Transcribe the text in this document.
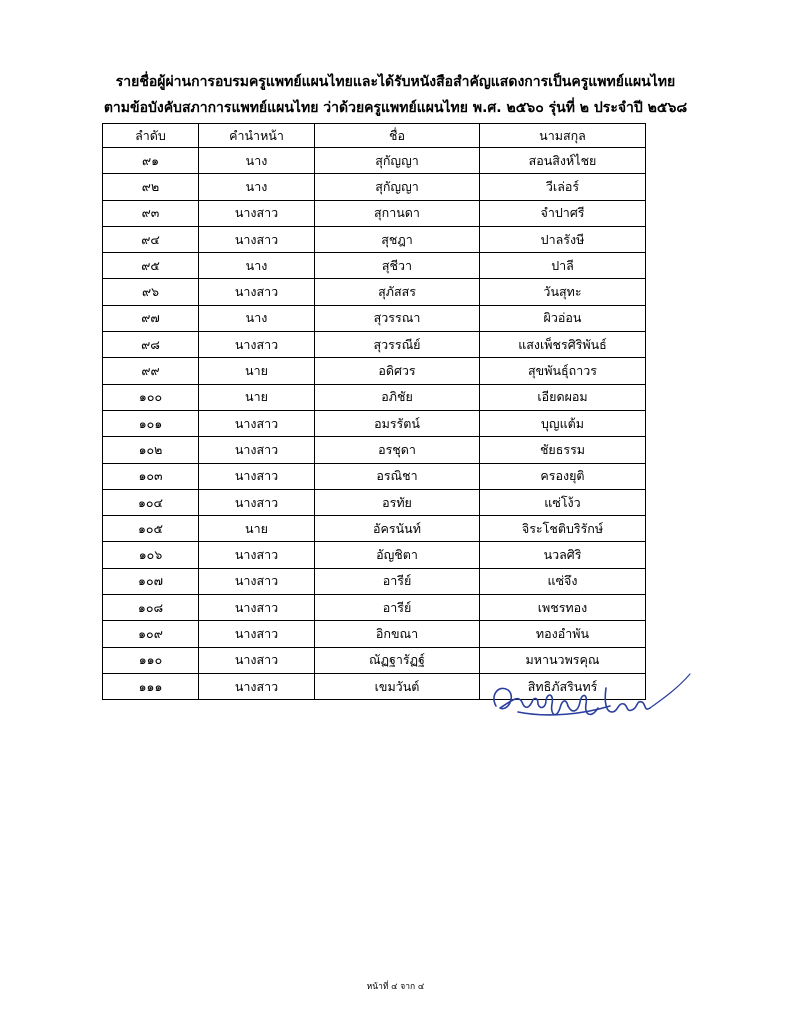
รายชื่อผู้ผ่านการอบรมครูแพทย์แผนไทยและได้รับหนังสือสำคัญแสดงการเป็นครูแพทย์แผนไทย
ตามข้อบังคับสภาการแพทย์แผนไทย ว่าด้วยครูแพทย์แผนไทย พ.ศ. ๒๕๖๐ รุ่นที่ ๒ ประจำปี ๒๕๖๘
ลำดับ	คำนำหน้า	ชื่อ	นามสกุล
๙๑	นาง	สุกัญญา	สอนสิงห์ไชย
๙๒	นาง	สุกัญญา	วีเล่อร์
๙๓	นางสาว	สุกานดา	จำปาศรี
๙๔	นางสาว	สุชฎา	ปาลรังษี
๙๕	นาง	สุชีวา	ปาลี
๙๖	นางสาว	สุภัสสร	วันสุทะ
๙๗	นาง	สุวรรณา	ผิวอ่อน
๙๘	นางสาว	สุวรรณีย์	แสงเพ็ชรศิริพันธ์
๙๙	นาย	อดิศวร	สุขพันธุ์ถาวร
๑๐๐	นาย	อภิชัย	เอียดผอม
๑๐๑	นางสาว	อมรรัตน์	บุญแต้ม
๑๐๒	นางสาว	อรชุดา	ชัยธรรม
๑๐๓	นางสาว	อรณิชา	ครองยุติ
๑๐๔	นางสาว	อรทัย	แซ่โง้ว
๑๐๕	นาย	อัครนันท์	จิระโชติบริรักษ์
๑๐๖	นางสาว	อัญชิตา	นวลศิริ
๑๐๗	นางสาว	อารีย์	แซ่จึง
๑๐๘	นางสาว	อารีย์	เพชรทอง
๑๐๙	นางสาว	อิกขณา	ทองอำพัน
๑๑๐	นางสาว	ณัฏฐารัฏฐ์	มหานวพรคุณ
๑๑๑	นางสาว	เขมวันต์	สิทธิภัสรินทร์
หน้าที่ ๔ จาก ๔
